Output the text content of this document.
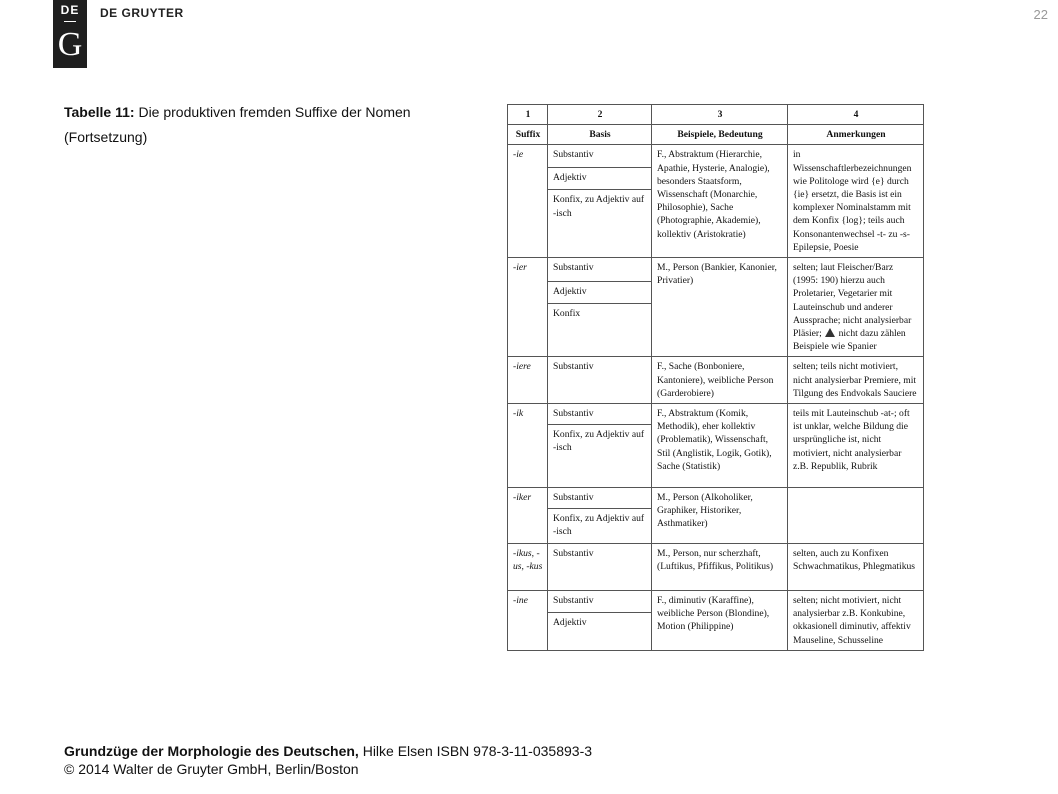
DE
G
DE GRUYTER	22
Tabelle 11: Die produktiven fremden Suffixe der Nomen (Fortsetzung)
1	2	3	4
Suffix	Basis	Beispiele, Bedeutung	Anmerkungen
-ie	Substantiv	F., Abstraktum (Hierarchie, Apathie, Hysterie, Analogie), besonders Staatsform, Wissenschaft (Monarchie, Philosophie), Sache (Photographie, Akademie), kollektiv (Aristokratie)	in Wissenschaftlerbezeichnungen wie Politologe wird {e} durch {ie} ersetzt, die Basis ist ein komplexer Nominalstamm mit dem Konfix {log}; teils auch Konsonantenwechsel -t- zu -s- Epilepsie, Poesie
	Adjektiv		
	Konfix, zu Adjektiv auf -isch		
-ier	Substantiv	M., Person (Bankier, Kanonier, Privatier)	selten; laut Fleischer/Barz (1995: 190) hierzu auch Proletarier, Vegetarier mit Lauteinschub und anderer Aussprache; nicht analysierbar Pläsier; nicht dazu zählen Beispiele wie Spanier
	Adjektiv		
	Konfix		
-iere	Substantiv	F., Sache (Bonboniere, Kantoniere), weibliche Person (Garderobiere)	selten; teils nicht motiviert, nicht analysierbar Premiere, mit Tilgung des Endvokals Sauciere
-ik	Substantiv	F., Abstraktum (Komik, Methodik), eher kollektiv (Problematik), Wissenschaft, Stil (Anglistik, Logik, Gotik), Sache (Statistik)	teils mit Lauteinschub -at-; oft ist unklar, welche Bildung die ursprüngliche ist, nicht motiviert, nicht analysierbar z.B. Republik, Rubrik
	Konfix, zu Adjektiv auf -isch		
-iker	Substantiv	M., Person (Alkoholiker, Graphiker, Historiker, Asthmatiker)	
	Konfix, zu Adjektiv auf -isch		
-ikus, -us, -kus	Substantiv	M., Person, nur scherzhaft, (Luftikus, Pfiffikus, Politikus)	selten, auch zu Konfixen Schwachmatikus, Phlegmatikus
-ine	Substantiv	F., diminutiv (Karaffine), weibliche Person (Blondine), Motion (Philippine)	selten; nicht motiviert, nicht analysierbar z.B. Konkubine, okkasionell diminutiv, affektiv Mauseline, Schusseline
	Adjektiv		
Grundzüge der Morphologie des Deutschen, Hilke Elsen ISBN 978-3-11-035893-3
© 2014 Walter de Gruyter GmbH, Berlin/Boston
